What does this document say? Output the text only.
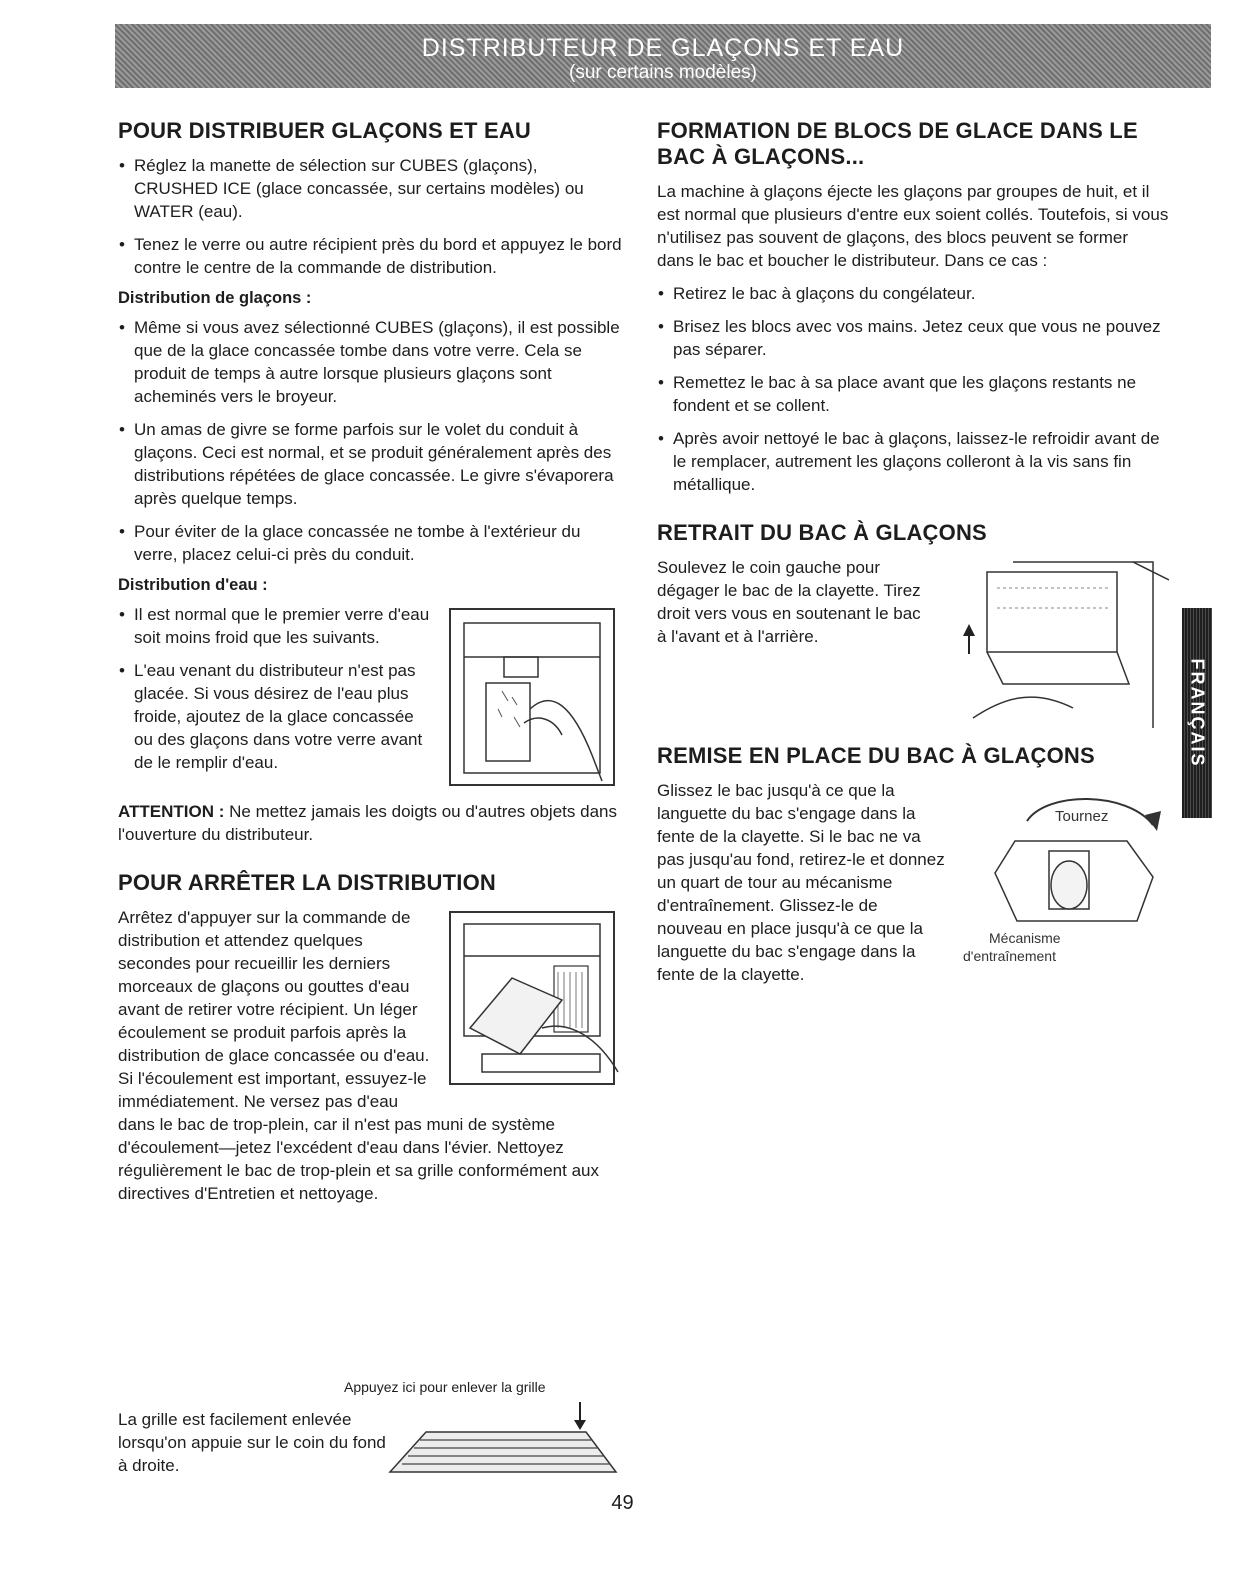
DISTRIBUTEUR DE GLAÇONS ET EAU
(sur certains modèles)
POUR DISTRIBUER GLAÇONS ET EAU
• Réglez la manette de sélection sur CUBES (glaçons), CRUSHED ICE (glace concassée, sur certains modèles) ou WATER (eau).
• Tenez le verre ou autre récipient près du bord et appuyez le bord contre le centre de la commande de distribution.
Distribution de glaçons :
• Même si vous avez sélectionné CUBES (glaçons), il est possible que de la glace concassée tombe dans votre verre. Cela se produit de temps à autre lorsque plusieurs glaçons sont acheminés vers le broyeur.
• Un amas de givre se forme parfois sur le volet du conduit à glaçons. Ceci est normal, et se produit généralement après des distributions répétées de glace concassée. Le givre s'évaporera après quelque temps.
• Pour éviter de la glace concassée ne tombe à l'extérieur du verre, placez celui-ci près du conduit.
Distribution d'eau :
• Il est normal que le premier verre d'eau soit moins froid que les suivants.
• L'eau venant du distributeur n'est pas glacée. Si vous désirez de l'eau plus froide, ajoutez de la glace concassée ou des glaçons dans votre verre avant de le remplir d'eau.

ATTENTION : Ne mettez jamais les doigts ou d'autres objets dans l'ouverture du distributeur.

POUR ARRÊTER LA DISTRIBUTION

Arrêtez d'appuyer sur la commande de distribution et attendez quelques secondes pour recueillir les derniers morceaux de glaçons ou gouttes d'eau avant de retirer votre récipient. Un léger écoulement se produit parfois après la distribution de glace concassée ou d'eau. Si l'écoulement est important, essuyez-le immédiatement. Ne versez pas d'eau dans le bac de trop-plein, car il n'est pas muni de système d'écoulement—jetez l'excédent d'eau dans l'évier. Nettoyez régulièrement le bac de trop-plein et sa grille conformément aux directives d'Entretien et nettoyage.

Appuyez ici pour enlever la grille
La grille est facilement enlevée lorsqu'on appuie sur le coin du fond à droite.
FORMATION DE BLOCS DE GLACE DANS LE BAC À GLAÇONS...

La machine à glaçons éjecte les glaçons par groupes de huit, et il est normal que plusieurs d'entre eux soient collés. Toutefois, si vous n'utilisez pas souvent de glaçons, des blocs peuvent se former dans le bac et boucher le distributeur. Dans ce cas :

• Retirez le bac à glaçons du congélateur.
• Brisez les blocs avec vos mains. Jetez ceux que vous ne pouvez pas séparer.
• Remettez le bac à sa place avant que les glaçons restants ne fondent et se collent.
• Après avoir nettoyé le bac à glaçons, laissez-le refroidir avant de le remplacer, autrement les glaçons colleront à la vis sans fin métallique.
RETRAIT DU BAC À GLAÇONS

Soulevez le coin gauche pour dégager le bac de la clayette. Tirez droit vers vous en soutenant le bac à l'avant et à l'arrière.

REMISE EN PLACE DU BAC À GLAÇONS
Tournez
Mécanisme
d'entraînement

Glissez le bac jusqu'à ce que la languette du bac s'engage dans la fente de la clayette. Si le bac ne va pas jusqu'au fond, retirez-le et donnez un quart de tour au mécanisme d'entraînement. Glissez-le de nouveau en place jusqu'à ce que la languette du bac s'engage dans la fente de la clayette.

FRANÇAIS
49
